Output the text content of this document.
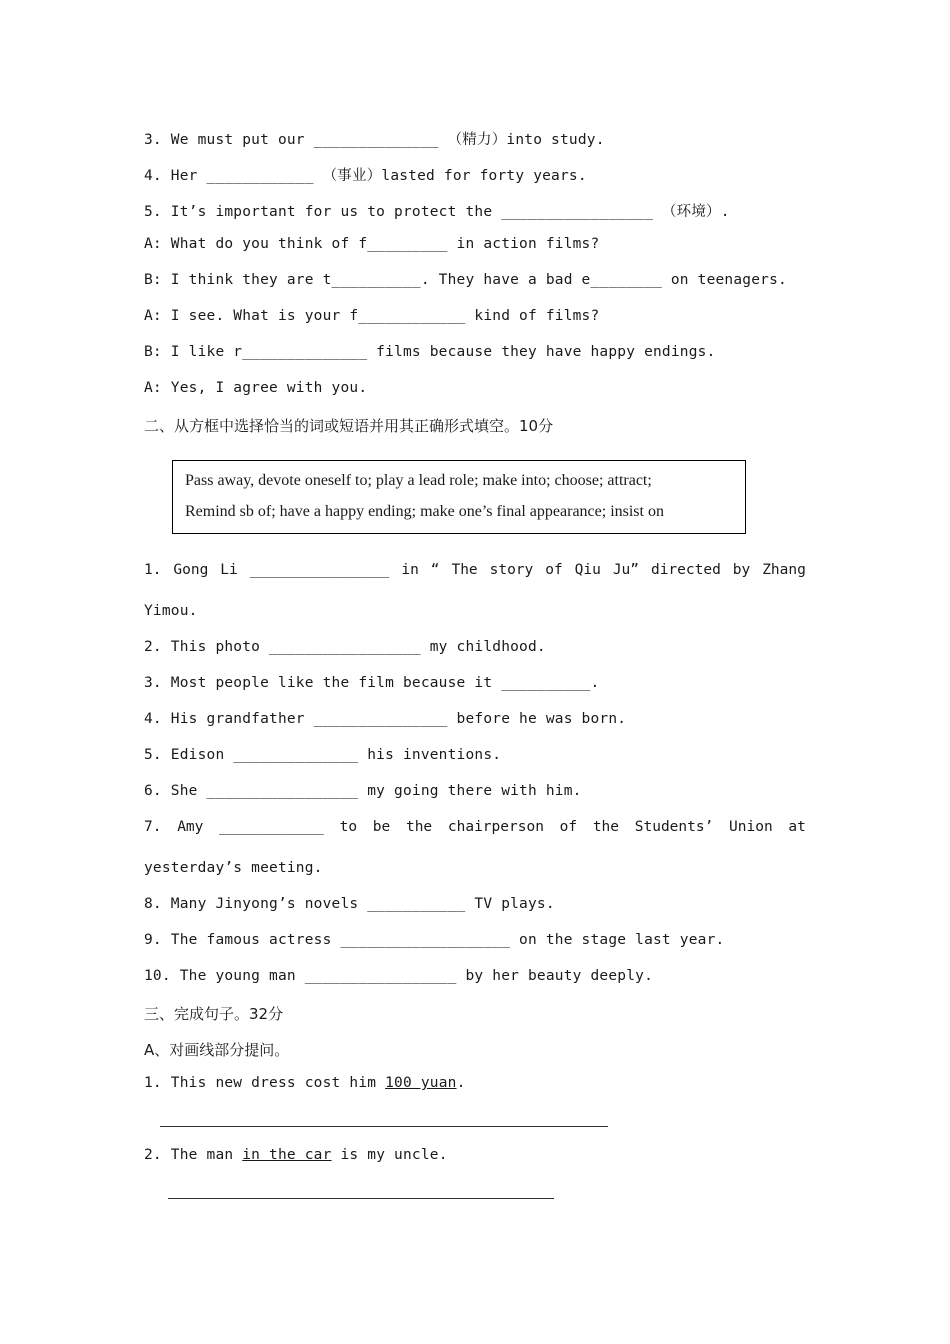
3. We must put our ______________ （精力）into study.
4. Her ____________ （事业）lasted for forty years.
5. It’s important for us to protect the _________________ （环境）.
A: What do you think of f_________ in action films?
B: I think they are t__________. They have a bad e________ on teenagers.
A: I see. What is your f____________ kind of films?
B: I like r______________ films because they have happy endings.
A: Yes, I agree with you.
二、从方框中选择恰当的词或短语并用其正确形式填空。10分
Pass away, devote oneself to; play a lead role; make into; choose; attract;
Remind sb of; have a happy ending; make one’s final appearance; insist on
1. Gong Li ________________ in “ The story of Qiu Ju” directed by Zhang
Yimou.
2. This photo _________________ my childhood.
3. Most people like the film because it __________.
4. His grandfather _______________ before he was born.
5. Edison ______________ his inventions.
6. She _________________ my going there with him.
7. Amy ____________ to be the chairperson of the Students’ Union at
yesterday’s meeting.
8. Many Jinyong’s novels ___________ TV plays.
9. The famous actress ___________________ on the stage last year.
10. The young man _________________ by her beauty deeply.
三、完成句子。32分
A、对画线部分提问。
1. This new dress cost him 100 yuan.
2. The man in the car is my uncle.
